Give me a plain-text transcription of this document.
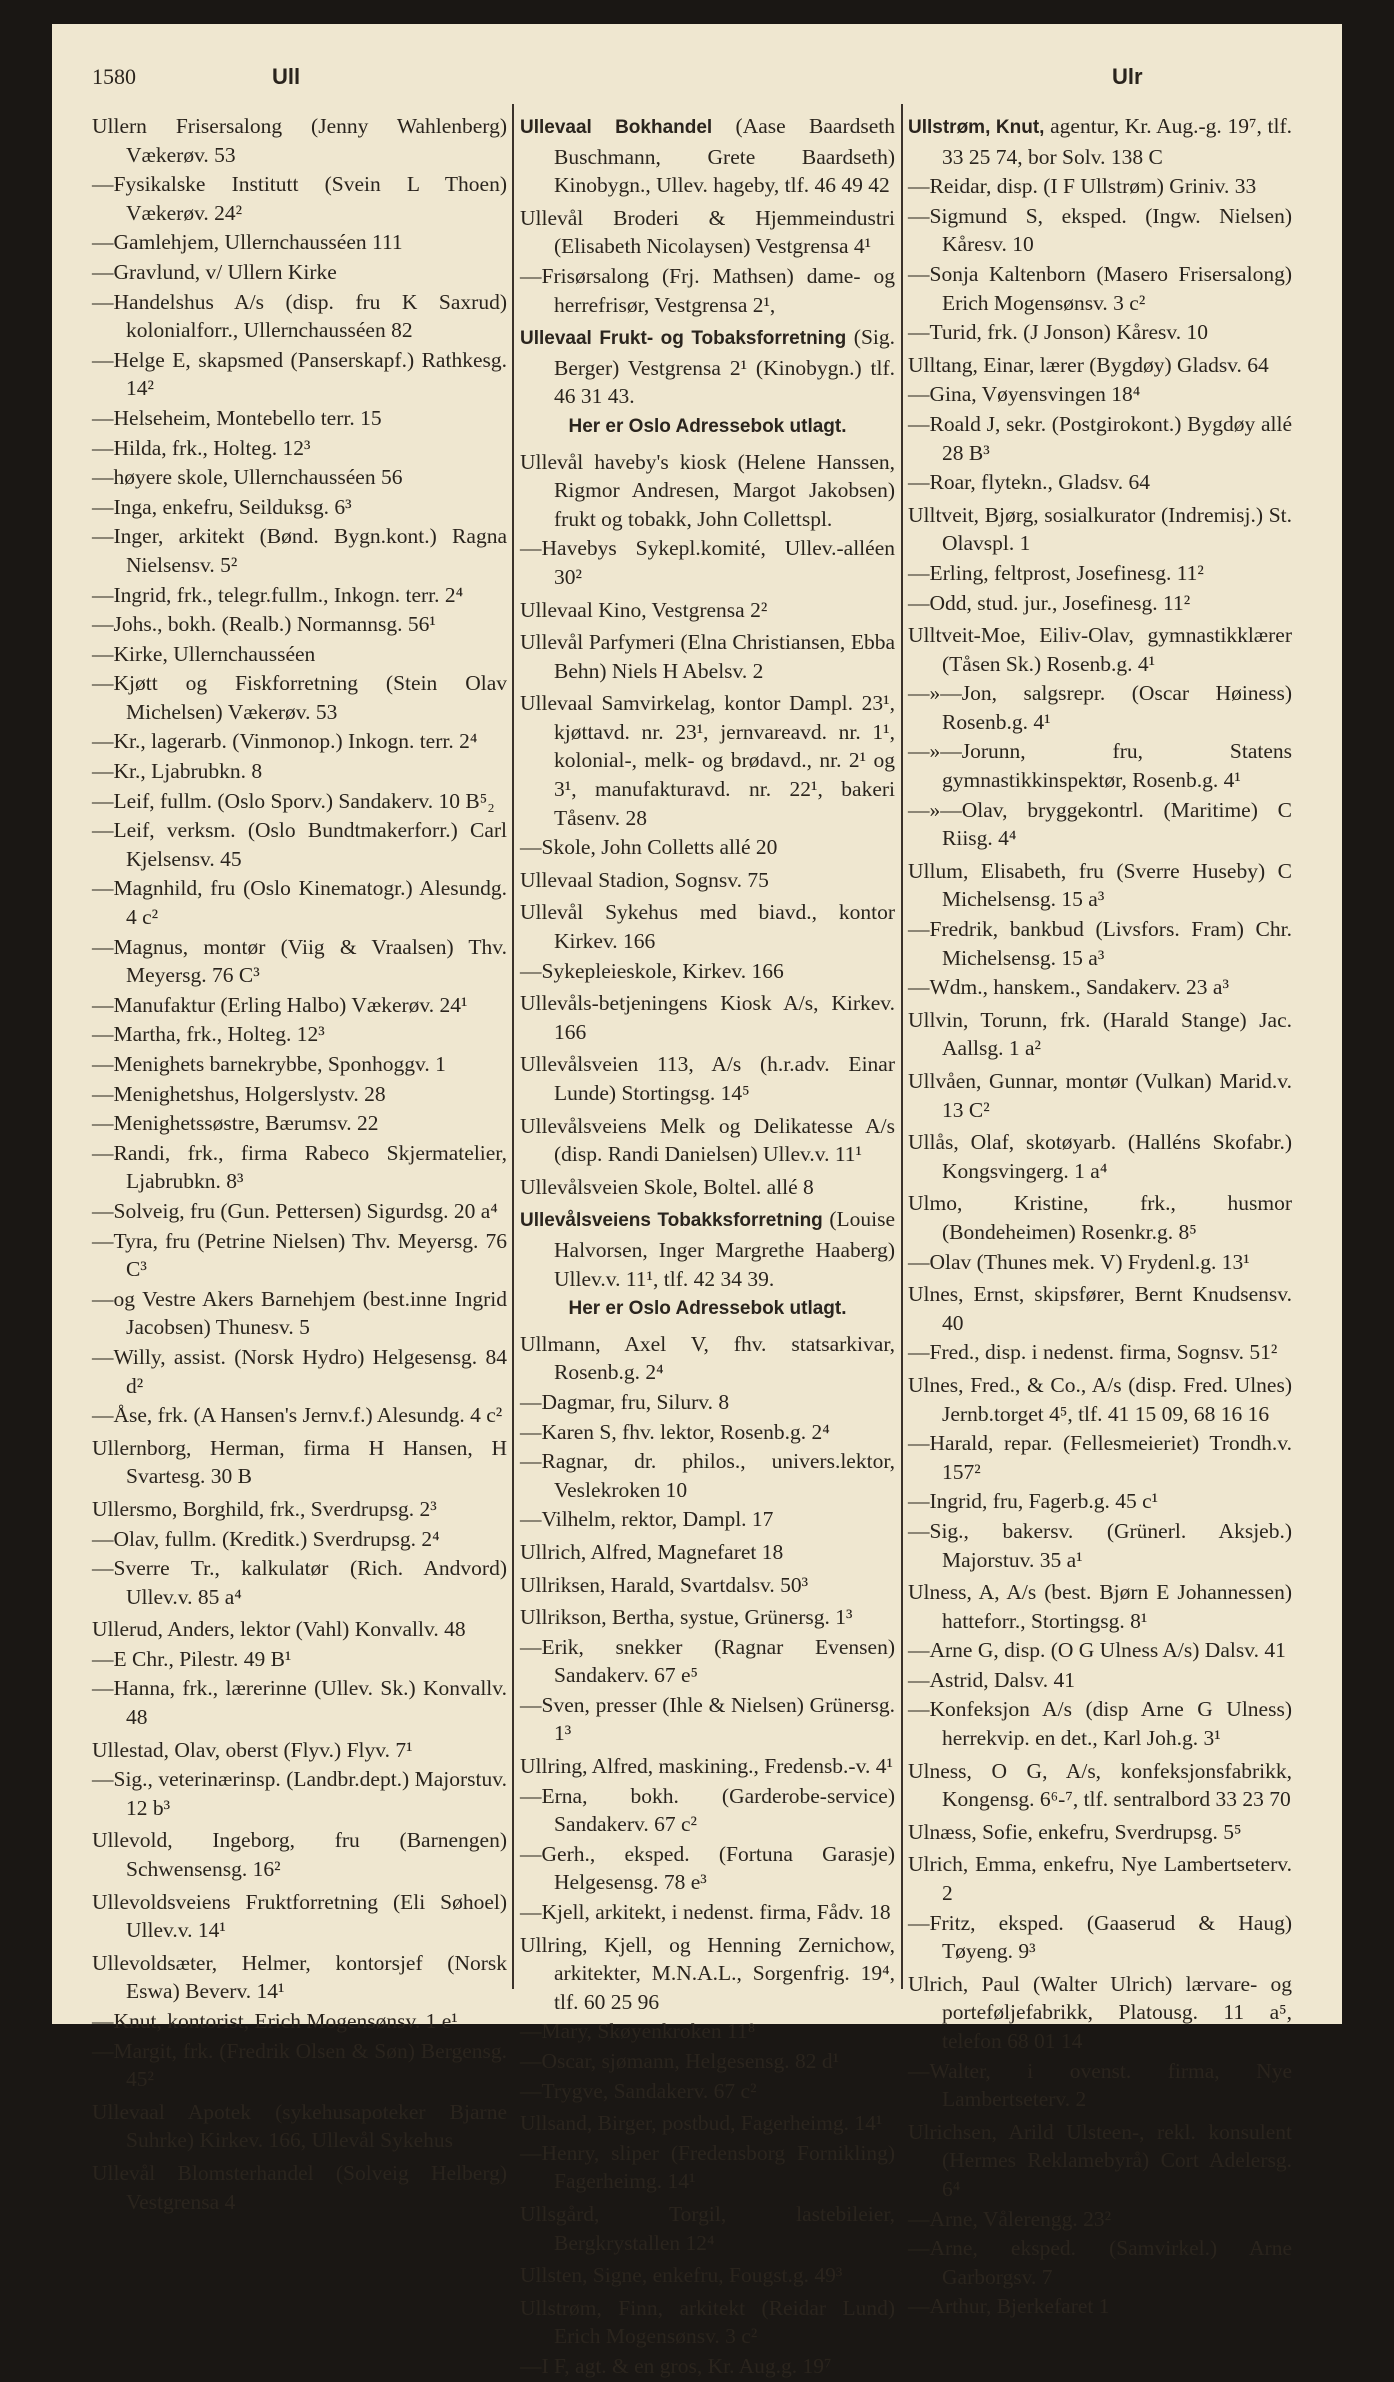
1580	Ull	Ulr

Ullern Frisersalong (Jenny Wahlenberg) Vækerøv. 53

—Fysikalske Institutt (Svein L Thoen) Vækerøv. 24²

—Gamlehjem, Ullernchausséen 111

—Gravlund, v/ Ullern Kirke

—Handelshus A/s (disp. fru K Saxrud) kolonialforr., Ullernchausséen 82

—Helge E, skapsmed (Panserskapf.) Rathkesg. 14²

—Helseheim, Montebello terr. 15

—Hilda, frk., Holteg. 12³

—høyere skole, Ullernchausséen 56

—Inga, enkefru, Seilduksg. 6³

—Inger, arkitekt (Bønd. Bygn.kont.) Ragna Nielsensv. 5²

—Ingrid, frk., telegr.fullm., Inkogn. terr. 2⁴

—Johs., bokh. (Realb.) Normannsg. 56¹

—Kirke, Ullernchausséen

—Kjøtt og Fiskforretning (Stein Olav Michelsen) Vækerøv. 53

—Kr., lagerarb. (Vinmonop.) Inkogn. terr. 2⁴

—Kr., Ljabrubkn. 8

—Leif, fullm. (Oslo Sporv.) Sandakerv. 10 B⁵₂

—Leif, verksm. (Oslo Bundtmakerforr.) Carl Kjelsensv. 45

—Magnhild, fru (Oslo Kinematogr.) Alesundg. 4 c²

—Magnus, montør (Viig & Vraalsen) Thv. Meyersg. 76 C³

—Manufaktur (Erling Halbo) Vækerøv. 24¹

—Martha, frk., Holteg. 12³

—Menighets barnekrybbe, Sponhoggv. 1

—Menighetshus, Holgerslystv. 28

—Menighetssøstre, Bærumsv. 22

—Randi, frk., firma Rabeco Skjermatelier, Ljabrubkn. 8³

—Solveig, fru (Gun. Pettersen) Sigurdsg. 20 a⁴

—Tyra, fru (Petrine Nielsen) Thv. Meyersg. 76 C³

—og Vestre Akers Barnehjem (best.inne Ingrid Jacobsen) Thunesv. 5

—Willy, assist. (Norsk Hydro) Helgesensg. 84 d²

—Åse, frk. (A Hansen's Jernv.f.) Alesundg. 4 c²

Ullernborg, Herman, firma H Hansen, H Svartesg. 30 B

Ullersmo, Borghild, frk., Sverdrupsg. 2³

—Olav, fullm. (Kreditk.) Sverdrupsg. 2⁴

—Sverre Tr., kalkulatør (Rich. Andvord) Ullev.v. 85 a⁴

Ullerud, Anders, lektor (Vahl) Konvallv. 48

—E Chr., Pilestr. 49 B¹

—Hanna, frk., lærerinne (Ullev. Sk.) Konvallv. 48

Ullestad, Olav, oberst (Flyv.) Flyv. 7¹

—Sig., veterinærinsp. (Landbr.dept.) Majorstuv. 12 b³

Ullevold, Ingeborg, fru (Barnengen) Schwensensg. 16²

Ullevoldsveiens Fruktforretning (Eli Søhoel) Ullev.v. 14¹

Ullevoldsæter, Helmer, kontorsjef (Norsk Eswa) Beverv. 14¹

—Knut, kontorist, Erich Mogensønsv. 1 e¹

—Margit, frk. (Fredrik Olsen & Søn) Bergensg. 45²

Ullevaal Apotek (sykehusapoteker Bjarne Suhrke) Kirkev. 166, Ullevål Sykehus

Ullevål Blomsterhandel (Solveig Helberg) Vestgrensa 4

Ullevaal Bokhandel (Aase Baardseth Buschmann, Grete Baardseth) Kinobygn., Ullev. hageby, tlf. 46 49 42

Ullevål Broderi & Hjemmeindustri (Elisabeth Nicolaysen) Vestgrensa 4¹

—Frisørsalong (Frj. Mathsen) dame- og herrefrisør, Vestgrensa 2¹,

Ullevaal Frukt- og Tobaksforretning (Sig. Berger) Vestgrensa 2¹ (Kinobygn.) tlf. 46 31 43.

Her er Oslo Adressebok utlagt.

Ullevål haveby's kiosk (Helene Hanssen, Rigmor Andresen, Margot Jakobsen) frukt og tobakk, John Collettspl.

—Havebys Sykepl.komité, Ullev.-alléen 30²

Ullevaal Kino, Vestgrensa 2²

Ullevål Parfymeri (Elna Christiansen, Ebba Behn) Niels H Abelsv. 2

Ullevaal Samvirkelag, kontor Dampl. 23¹, kjøttavd. nr. 23¹, jernvareavd. nr. 1¹, kolonial-, melk- og brødavd., nr. 2¹ og 3¹, manufakturavd. nr. 22¹, bakeri Tåsenv. 28

—Skole, John Colletts allé 20

Ullevaal Stadion, Sognsv. 75

Ullevål Sykehus med biavd., kontor Kirkev. 166

—Sykepleieskole, Kirkev. 166

Ullevåls-betjeningens Kiosk A/s, Kirkev. 166

Ullevålsveien 113, A/s (h.r.adv. Einar Lunde) Stortingsg. 14⁵

Ullevålsveiens Melk og Delikatesse A/s (disp. Randi Danielsen) Ullev.v. 11¹

Ullevålsveien Skole, Boltel. allé 8

Ullevålsveiens Tobakksforretning (Louise Halvorsen, Inger Margrethe Haaberg) Ullev.v. 11¹, tlf. 42 34 39.

Her er Oslo Adressebok utlagt.

Ullmann, Axel V, fhv. statsarkivar, Rosenb.g. 2⁴

—Dagmar, fru, Silurv. 8

—Karen S, fhv. lektor, Rosenb.g. 2⁴

—Ragnar, dr. philos., univers.lektor, Veslekroken 10

—Vilhelm, rektor, Dampl. 17

Ullrich, Alfred, Magnefaret 18

Ullriksen, Harald, Svartdalsv. 50³

Ullrikson, Bertha, systue, Grünersg. 1³

—Erik, snekker (Ragnar Evensen) Sandakerv. 67 e⁵

—Sven, presser (Ihle & Nielsen) Grünersg. 1³

Ullring, Alfred, maskining., Fredensb.-v. 4¹

—Erna, bokh. (Garderobe-service) Sandakerv. 67 c²

—Gerh., eksped. (Fortuna Garasje) Helgesensg. 78 e³

—Kjell, arkitekt, i nedenst. firma, Fådv. 18

Ullring, Kjell, og Henning Zernichow, arkitekter, M.N.A.L., Sorgenfrig. 19⁴, tlf. 60 25 96

—Mary, Skøyenkroken 11⁸

—Oscar, sjømann, Helgesensg. 82 d¹

—Trygve, Sandakerv. 67 c²

Ullsand, Birger, postbud, Fagerheimg. 14¹

—Henry, sliper (Fredensborg Fornikling) Fagerheimg. 14¹

Ullsgård, Torgil, lastebileier, Bergkrystallen 12⁴

Ullsten, Signe, enkefru, Fougst.g. 49³

Ullstrøm, Finn, arkitekt (Reidar Lund) Erich Mogensønsv. 3 c²

—I F, agt. & en gros, Kr. Aug.g. 19⁷

Ullstrøm, Knut, agentur, Kr. Aug.-g. 19⁷, tlf. 33 25 74, bor Solv. 138 C

—Reidar, disp. (I F Ullstrøm) Griniv. 33

—Sigmund S, eksped. (Ingw. Nielsen) Kåresv. 10

—Sonja Kaltenborn (Masero Frisersalong) Erich Mogensønsv. 3 c²

—Turid, frk. (J Jonson) Kåresv. 10

Ulltang, Einar, lærer (Bygdøy) Gladsv. 64

—Gina, Vøyensvingen 18⁴

—Roald J, sekr. (Postgirokont.) Bygdøy allé 28 B³

—Roar, flytekn., Gladsv. 64

Ulltveit, Bjørg, sosialkurator (Indremisj.) St. Olavspl. 1

—Erling, feltprost, Josefinesg. 11²

—Odd, stud. jur., Josefinesg. 11²

Ulltveit-Moe, Eiliv-Olav, gymnastikklærer (Tåsen Sk.) Rosenb.g. 4¹

—»—Jon, salgsrepr. (Oscar Høiness) Rosenb.g. 4¹

—»—Jorunn, fru, Statens gymnastikkinspektør, Rosenb.g. 4¹

—»—Olav, bryggekontrl. (Maritime) C Riisg. 4⁴

Ullum, Elisabeth, fru (Sverre Huseby) C Michelsensg. 15 a³

—Fredrik, bankbud (Livsfors. Fram) Chr. Michelsensg. 15 a³

—Wdm., hanskem., Sandakerv. 23 a³

Ullvin, Torunn, frk. (Harald Stange) Jac. Aallsg. 1 a²

Ullvåen, Gunnar, montør (Vulkan) Marid.v. 13 C²

Ullås, Olaf, skotøyarb. (Halléns Skofabr.) Kongsvingerg. 1 a⁴

Ulmo, Kristine, frk., husmor (Bondeheimen) Rosenkr.g. 8⁵

—Olav (Thunes mek. V) Frydenl.g. 13¹

Ulnes, Ernst, skipsfører, Bernt Knudsensv. 40

—Fred., disp. i nedenst. firma, Sognsv. 51²

Ulnes, Fred., & Co., A/s (disp. Fred. Ulnes) Jernb.torget 4⁵, tlf. 41 15 09, 68 16 16

—Harald, repar. (Fellesmeieriet) Trondh.v. 157²

—Ingrid, fru, Fagerb.g. 45 c¹

—Sig., bakersv. (Grünerl. Aksjeb.) Majorstuv. 35 a¹

Ulness, A, A/s (best. Bjørn E Johannessen) hatteforr., Stortingsg. 8¹

—Arne G, disp. (O G Ulness A/s) Dalsv. 41

—Astrid, Dalsv. 41

—Konfeksjon A/s (disp Arne G Ulness) herrekvip. en det., Karl Joh.g. 3¹

Ulness, O G, A/s, konfeksjonsfabrikk, Kongensg. 6⁶-⁷, tlf. sentralbord 33 23 70

Ulnæss, Sofie, enkefru, Sverdrupsg. 5⁵

Ulrich, Emma, enkefru, Nye Lambertseterv. 2

—Fritz, eksped. (Gaaserud & Haug) Tøyeng. 9³

Ulrich, Paul (Walter Ulrich) lærvare- og porteføljefabrikk, Platousg. 11 a⁵, telefon 68 01 14

—Walter, i ovenst. firma, Nye Lambertseterv. 2

Ulrichsen, Arild Ulsteen-, rekl. konsulent (Hermes Reklamebyrå) Cort Adelersg. 6⁴

—Arne, Vålerengg. 23²

—Arne, eksped. (Samvirkel.) Arne Garborgsv. 7

—Arthur, Bjerkefaret 1
